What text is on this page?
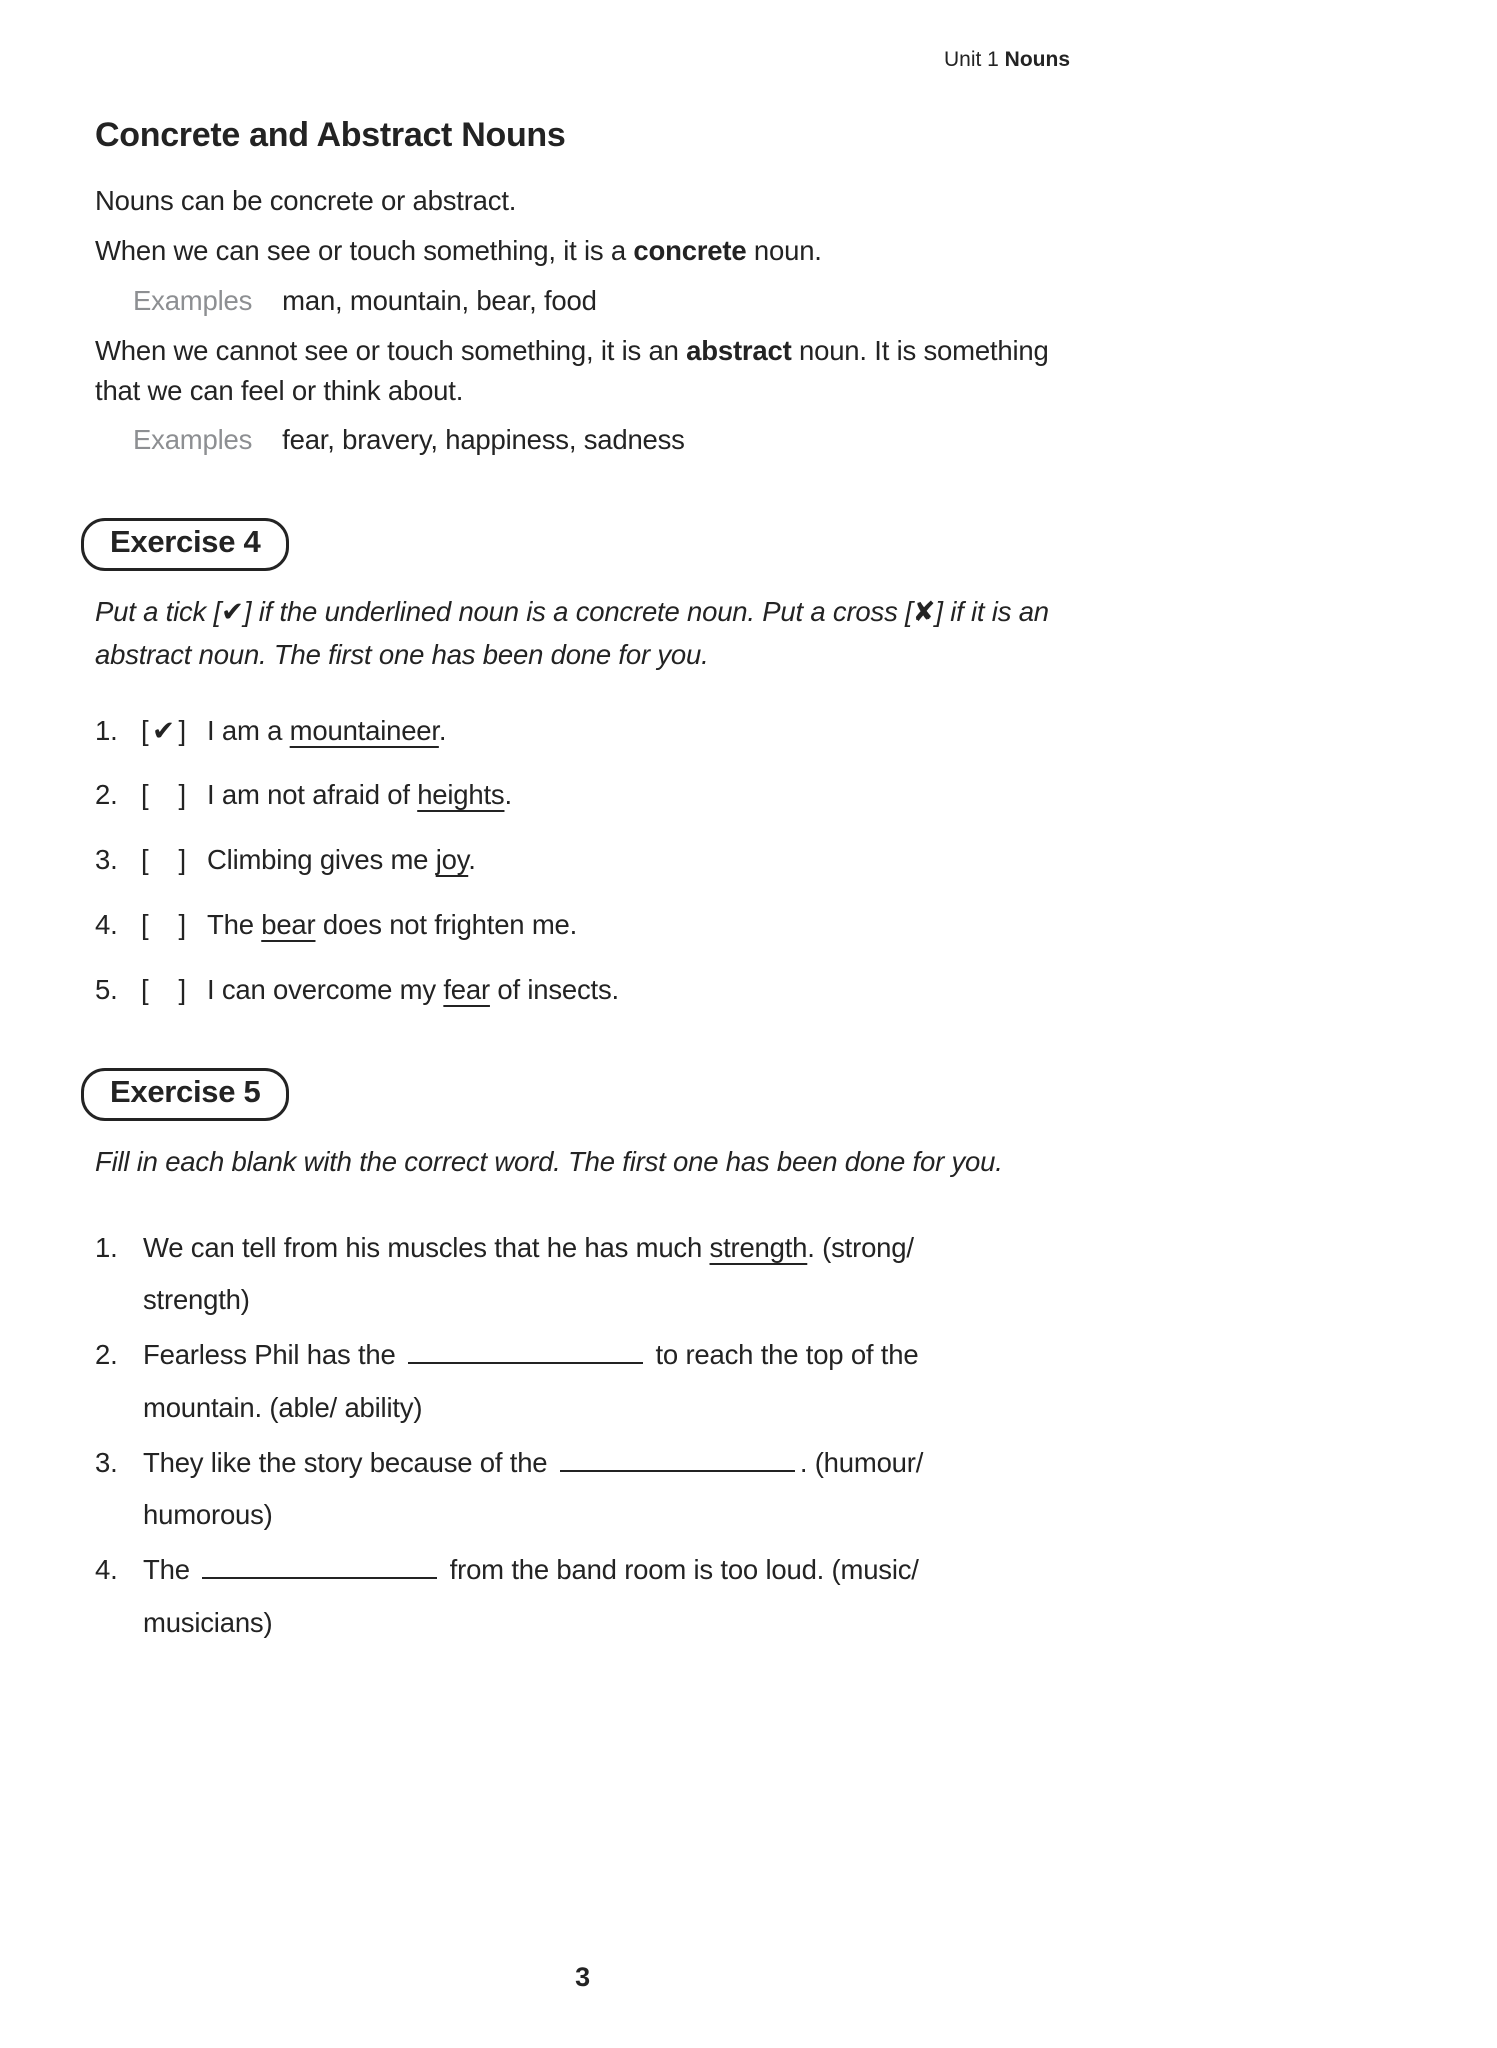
Unit 1 Nouns
Concrete and Abstract Nouns

Nouns can be concrete or abstract.

When we can see or touch something, it is a concrete noun.

Examples man, mountain, bear, food

When we cannot see or touch something, it is an abstract noun. It is something that we can feel or think about.

Examples fear, bravery, happiness, sadness
Exercise 4

Put a tick [✔] if the underlined noun is a concrete noun. Put a cross [✘] if it is an abstract noun. The first one has been done for you.

1. [ ✔ ] I am a mountaineer.
2. [ ] I am not afraid of heights.
3. [ ] Climbing gives me joy.
4. [ ] The bear does not frighten me.
5. [ ] I can overcome my fear of insects.
Exercise 5

Fill in each blank with the correct word. The first one has been done for you.

1. We can tell from his muscles that he has much strength. (strong/
strength)
2. Fearless Phil has the	to reach the top of the
mountain. (able/ ability)
3. They like the story because of the	. (humour/
humorous)
4. The	from the band room is too loud. (music/
musicians)
3
